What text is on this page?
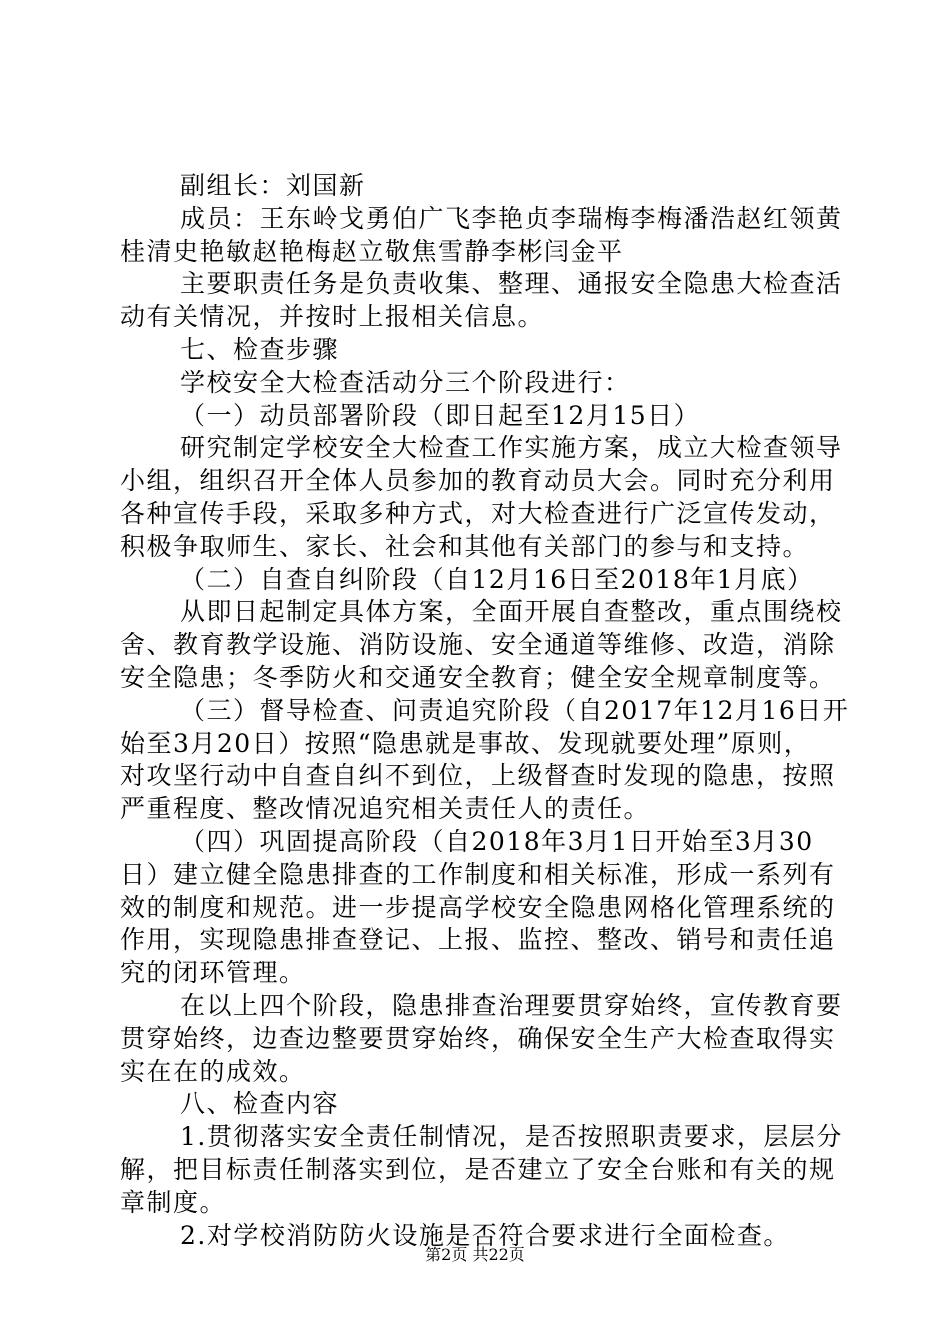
副组长：刘国新
成员：王东岭戈勇伯广飞李艳贞李瑞梅李梅潘浩赵红领黄
桂清史艳敏赵艳梅赵立敬焦雪静李彬闫金平
主要职责任务是负责收集、整理、通报安全隐患大检查活
动有关情况，并按时上报相关信息。
七、检查步骤
学校安全大检查活动分三个阶段进行：
（一）动员部署阶段（即日起至12月15日）
研究制定学校安全大检查工作实施方案，成立大检查领导
小组，组织召开全体人员参加的教育动员大会。同时充分利用
各种宣传手段，采取多种方式，对大检查进行广泛宣传发动，
积极争取师生、家长、社会和其他有关部门的参与和支持。
（二）自查自纠阶段（自12月16日至2018年1月底）
从即日起制定具体方案，全面开展自查整改，重点围绕校
舍、教育教学设施、消防设施、安全通道等维修、改造，消除
安全隐患；冬季防火和交通安全教育；健全安全规章制度等。
（三）督导检查、问责追究阶段（自2017年12月16日开
始至3月20日）按照“隐患就是事故、发现就要处理”原则，
对攻坚行动中自查自纠不到位，上级督查时发现的隐患，按照
严重程度、整改情况追究相关责任人的责任。
（四）巩固提高阶段（自2018年3月1日开始至3月30
日）建立健全隐患排查的工作制度和相关标准，形成一系列有
效的制度和规范。进一步提高学校安全隐患网格化管理系统的
作用，实现隐患排查登记、上报、监控、整改、销号和责任追
究的闭环管理。
在以上四个阶段，隐患排查治理要贯穿始终，宣传教育要
贯穿始终，边查边整要贯穿始终，确保安全生产大检查取得实
实在在的成效。
八、检查内容
1.贯彻落实安全责任制情况，是否按照职责要求，层层分
解，把目标责任制落实到位，是否建立了安全台账和有关的规
章制度。
2.对学校消防防火设施是否符合要求进行全面检查。
第2页 共22页
